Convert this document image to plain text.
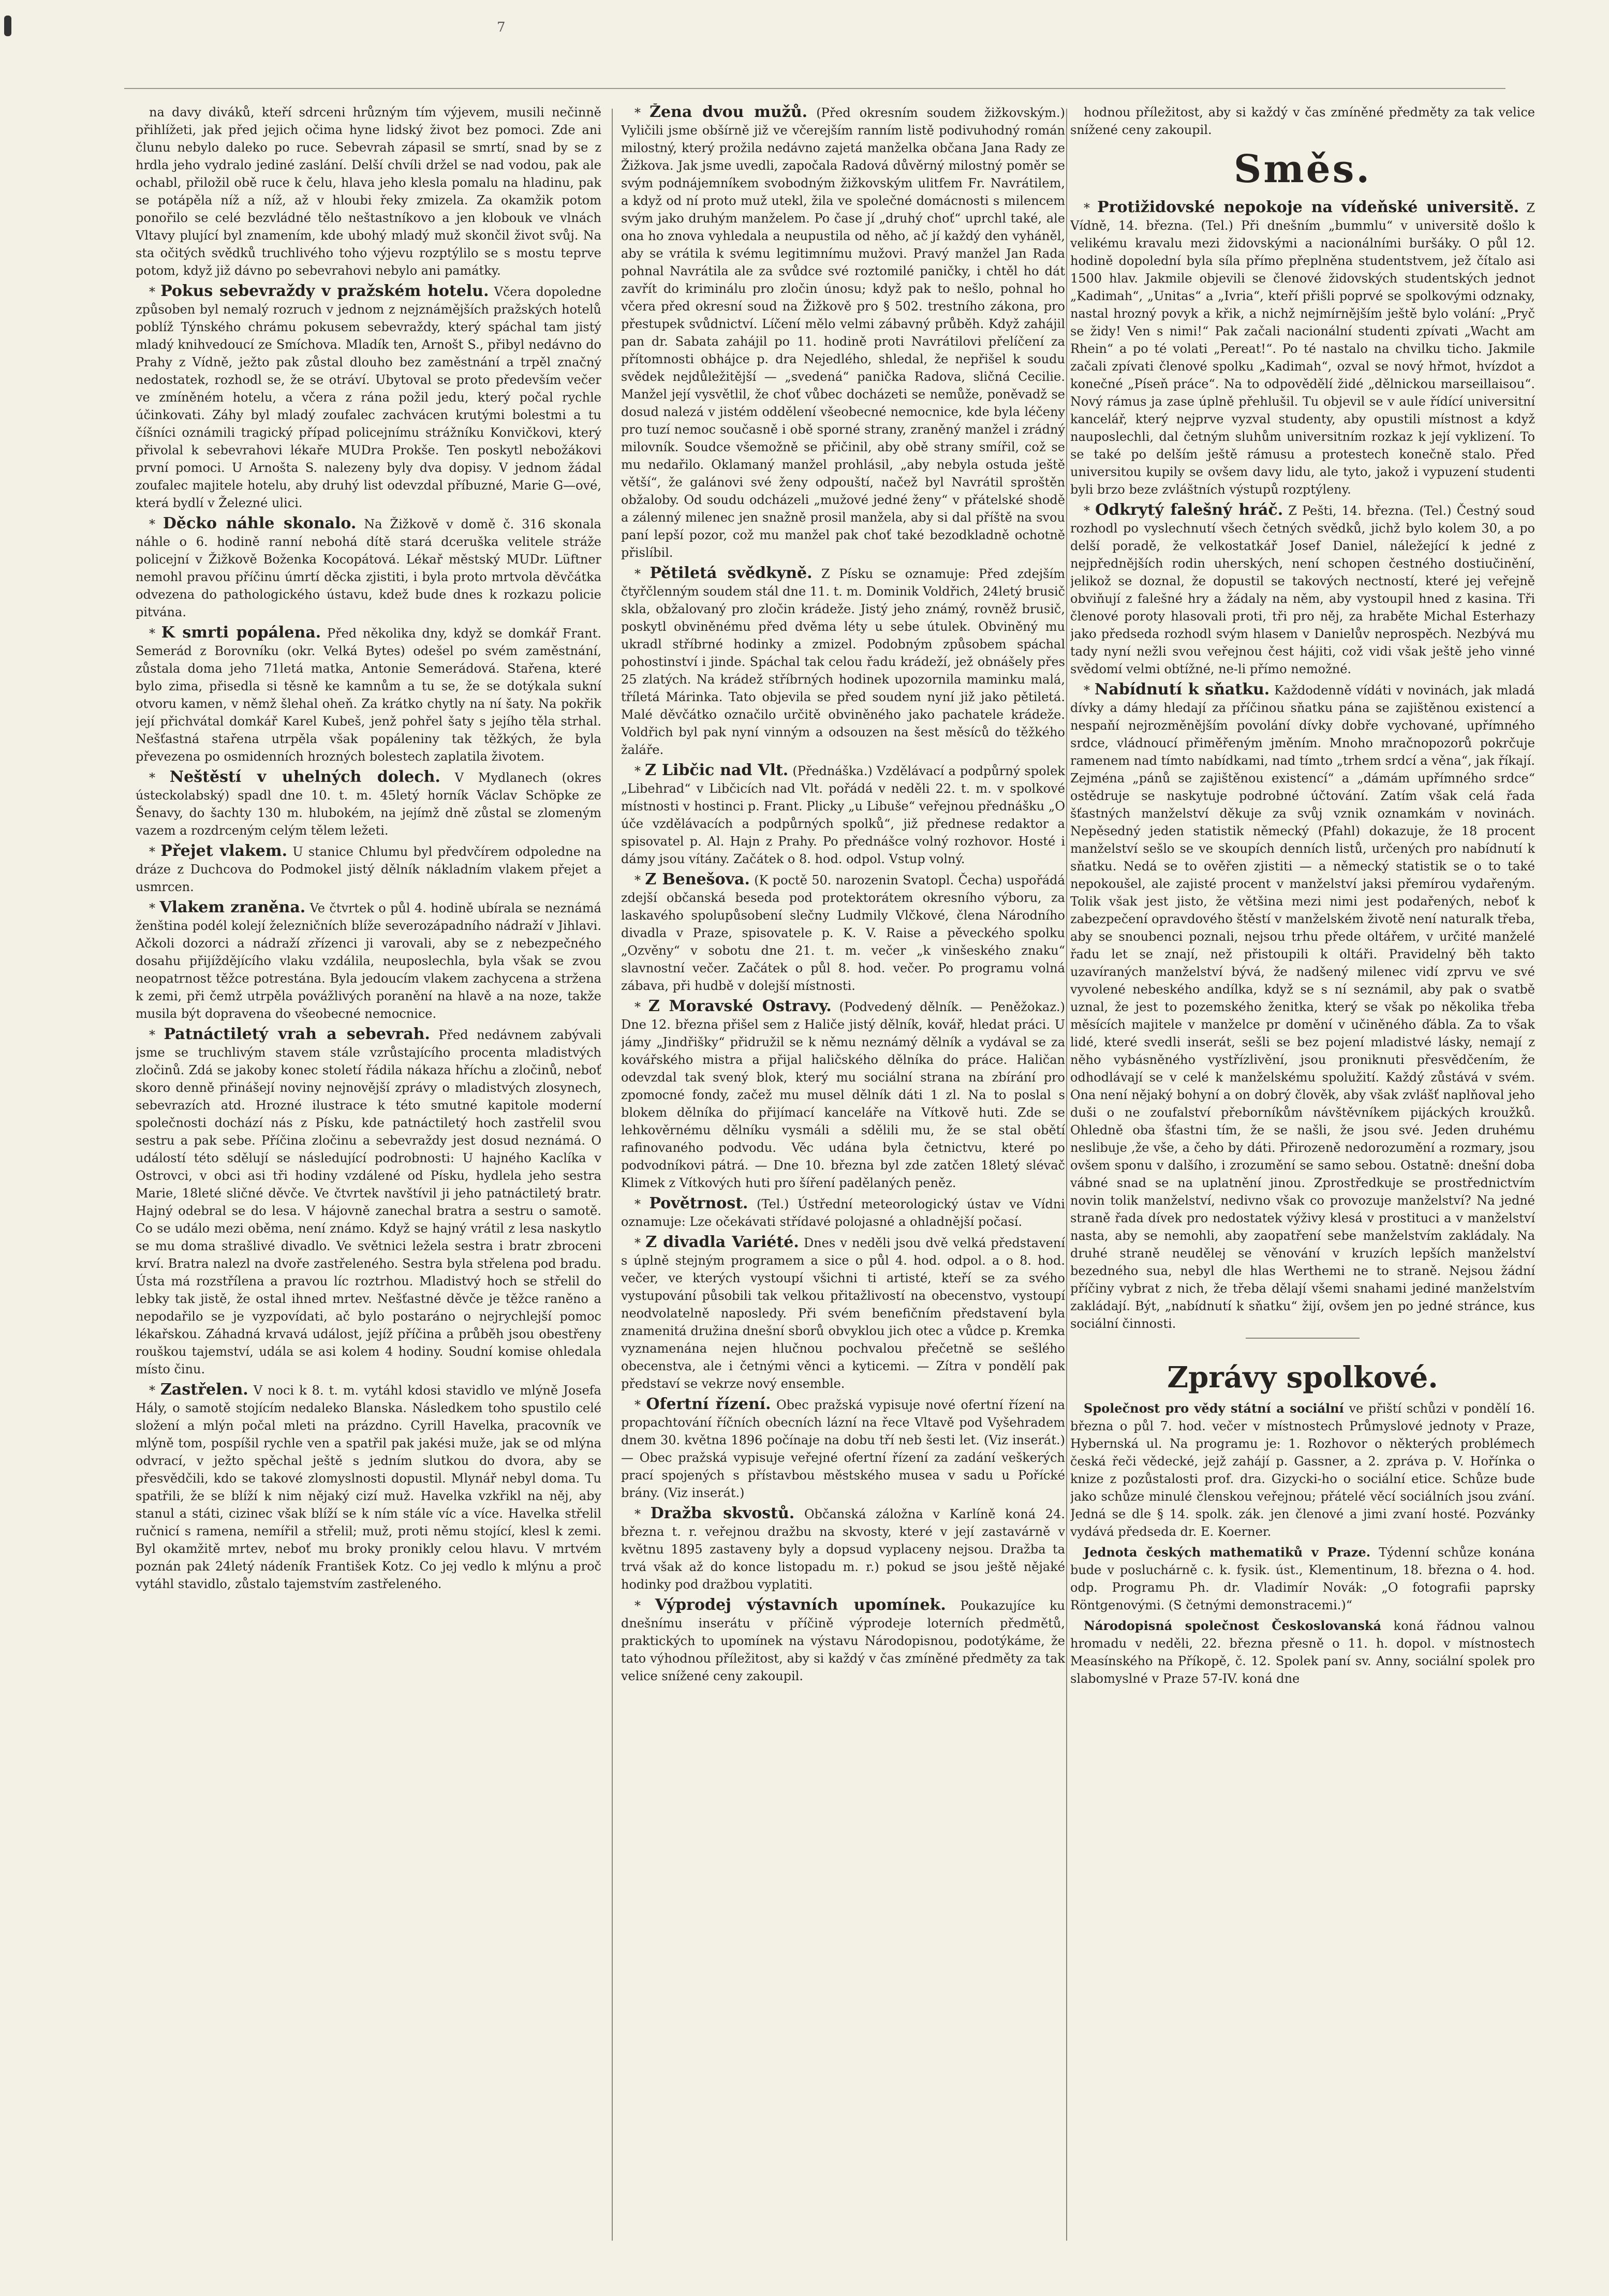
7

na davy diváků, kteří sdrceni hrůzným tím výjevem, musili nečinně přihlížeti, jak před jejich očima hyne lidský život bez pomoci. Zde ani člunu nebylo daleko po ruce. Sebevrah zápasil se smrtí, snad by se z hrdla jeho vydralo jediné zaslání. Delší chvíli držel se nad vodou, pak ale ochabl, přiložil obě ruce k čelu, hlava jeho klesla pomalu na hladinu, pak se potápěla níž a níž, až v hloubi řeky zmizela. Za okamžik potom ponořilo se celé bezvládné tělo neštastníkovo a jen klobouk ve vlnách Vltavy plující byl znamením, kde ubohý mladý muž skončil život svůj. Na sta očitých svědků truchlivého toho výjevu rozptýlilo se s mostu teprve potom, když již dávno po sebevrahovi nebylo ani památky.

* Pokus sebevraždy v pražském hotelu. Včera dopoledne způsoben byl nemalý rozruch v jednom z nejznámějších pražských hotelů poblíž Týnského chrámu pokusem sebevraždy, který spáchal tam jistý mladý knihvedoucí ze Smíchova. Mladík ten, Arnošt S., přibyl nedávno do Prahy z Vídně, ježto pak zůstal dlouho bez zaměstnání a trpěl značný nedostatek, rozhodl se, že se otráví. Ubytoval se proto především večer ve zmíněném hotelu, a včera z rána požil jedu, který počal rychle účinkovati. Záhy byl mladý zoufalec zachvácen krutými bolestmi a tu číšníci oznámili tragický případ policejnímu strážníku Konvičkovi, který přivolal k sebevrahovi lékaře MUDra Prokše. Ten poskytl nebožákovi první pomoci. U Arnošta S. nalezeny byly dva dopisy. V jednom žádal zoufalec majitele hotelu, aby druhý list odevzdal příbuzné, Marie G—ové, která bydlí v Železné ulici.

* Děcko náhle skonalo. Na Žižkově v domě č. 316 skonala náhle o 6. hodině ranní nebohá dítě stará dceruška velitele stráže policejní v Žižkově Boženka Kocopátová. Lékař městský MUDr. Lüftner nemohl pravou příčinu úmrtí děcka zjistiti, i byla proto mrtvola děvčátka odvezena do pathologického ústavu, kdež bude dnes k rozkazu policie pitvána.

* K smrti popálena. Před několika dny, když se domkář Frant. Semerád z Borovníku (okr. Velká Bytes) odešel po svém zaměstnání, zůstala doma jeho 71letá matka, Antonie Semerádová. Stařena, které bylo zima, přisedla si těsně ke kamnům a tu se, že se dotýkala sukní otvoru kamen, v němž šlehal oheň. Za krátko chytly na ní šaty. Na pokřik její přichvátal domkář Karel Kubeš, jenž pohřel šaty s jejího těla strhal. Nešťastná stařena utrpěla však popáleniny tak těžkých, že byla převezena po osmidenních hrozných bolestech zaplatila životem.

* Neštěstí v uhelných dolech. V Mydlanech (okres ústeckolabský) spadl dne 10. t. m. 45letý horník Václav Schöpke ze Šenavy, do šachty 130 m. hlubokém, na jejímž dně zůstal se zlomeným vazem a rozdrceným celým tělem ležeti.

* Přejet vlakem. U stanice Chlumu byl předvčírem odpoledne na dráze z Duchcova do Podmokel jistý dělník nákladním vlakem přejet a usmrcen.

* Vlakem zraněna. Ve čtvrtek o půl 4. hodině ubírala se neznámá ženština podél kolejí železničních blíže severozápadního nádraží v Jihlavi. Ačkoli dozorci a nádraží zřízenci ji varovali, aby se z nebezpečného dosahu přijíždějícího vlaku vzdálila, neuposlechla, byla však se zvou neopatrnost těžce potrestána. Byla jedoucím vlakem zachycena a stržena k zemi, při čemž utrpěla povážlivých poranění na hlavě a na noze, takže musila být dopravena do všeobecné nemocnice.

* Patnáctiletý vrah a sebevrah. Před nedávnem zabývali jsme se truchlivým stavem stále vzrůstajícího procenta mladistvých zločinů. Zdá se jakoby konec století řádila nákaza hříchu a zločinů, neboť skoro denně přinášejí noviny nejnovější zprávy o mladistvých zlosynech, sebevrazích atd. Hrozné ilustrace k této smutné kapitole moderní společnosti dochází nás z Písku, kde patnáctiletý hoch zastřelil svou sestru a pak sebe. Příčina zločinu a sebevraždy jest dosud neznámá. O událostí této sdělují se následující podrobnosti: U hajného Kaclíka v Ostrovci, v obci asi tři hodiny vzdálené od Písku, hydlela jeho sestra Marie, 18leté sličné děvče. Ve čtvrtek navštívil ji jeho patnáctiletý bratr. Hajný odebral se do lesa. V hájovně zanechal bratra a sestru o samotě. Co se událo mezi oběma, není známo. Když se hajný vrátil z lesa naskytlo se mu doma strašlivé divadlo. Ve světnici ležela sestra i bratr zbroceni krví. Bratra nalezl na dvoře zastřeleného. Sestra byla střelena pod bradu. Ústa má rozstřílena a pravou líc roztrhou. Mladistvý hoch se střelil do lebky tak jistě, že ostal ihned mrtev. Nešťastné děvče je těžce raněno a nepodařilo se je vyzpovídati, ač bylo postaráno o nejrychlejší pomoc lékařskou. Záhadná krvavá událost, jejíž příčina a průběh jsou obestřeny rouškou tajemství, udála se asi kolem 4 hodiny. Soudní komise ohledala místo činu.

* Zastřelen. V noci k 8. t. m. vytáhl kdosi stavidlo ve mlýně Josefa Hály, o samotě stojícím nedaleko Blanska. Následkem toho spustilo celé složení a mlýn počal mleti na prázdno. Cyrill Havelka, pracovník ve mlýně tom, pospíšil rychle ven a spatřil pak jakési muže, jak se od mlýna odvrací, v ježto spěchal ještě s jedním slutkou do dvora, aby se přesvědčili, kdo se takové zlomyslnosti dopustil. Mlynář nebyl doma. Tu spatřili, že se blíží k nim nějaký cizí muž. Havelka vzkřikl na něj, aby stanul a státi, cizinec však blíží se k ním stále víc a více. Havelka střelil ručnicí s ramena, nemířil a střelil; muž, proti němu stojící, klesl k zemi. Byl okamžitě mrtev, neboť mu broky pronikly celou hlavu. V mrtvém poznán pak 24letý nádeník František Kotz. Co jej vedlo k mlýnu a proč vytáhl stavidlo, zůstalo tajemstvím zastřeleného.

* Žena dvou mužů. (Před okresním soudem žižkovským.) Vyličili jsme obšírně již ve včerejším ranním listě podivuhodný román milostný, který prožila nedávno zajetá manželka občana Jana Rady ze Žižkova. Jak jsme uvedli, započala Radová důvěrný milostný poměr se svým podnájemníkem svobodným žižkovským ulitfem Fr. Navrátilem, a když od ní proto muž utekl, žila ve společné domácnosti s milencem svým jako druhým manželem. Po čase jí „druhý choť“ uprchl také, ale ona ho znova vyhledala a neupustila od něho, ač jí každý den vyháněl, aby se vrátila k svému legitimnímu mužovi. Pravý manžel Jan Rada pohnal Navrátila ale za svůdce své roztomilé paničky, i chtěl ho dát zavřít do kriminálu pro zločin únosu; když pak to nešlo, pohnal ho včera před okresní soud na Žižkově pro § 502. trestního zákona, pro přestupek svůdnictví. Líčení mělo velmi zábavný průběh. Když zahájil pan dr. Sabata zahájil po 11. hodině proti Navrátilovi přelíčení za přítomnosti obhájce p. dra Nejedlého, shledal, že nepřišel k soudu svědek nejdůležitější — „svedená“ panička Radova, sličná Cecilie. Manžel její vysvětlil, že choť vůbec docházeti se nemůže, poněvadž se dosud nalezá v jistém oddělení všeobecné nemocnice, kde byla léčeny pro tuzí nemoc současně i obě sporné strany, zraněný manžel i zrádný milovník. Soudce všemožně se přičinil, aby obě strany smířil, což se mu nedařilo. Oklamaný manžel prohlásil, „aby nebyla ostuda ještě větší“, že galánovi své ženy odpouští, načež byl Navrátil sproštěn obžaloby. Od soudu odcházeli „mužové jedné ženy“ v přátelské shodě a zálenný milenec jen snažně prosil manžela, aby si dal příště na svou paní lepší pozor, což mu manžel pak choť také bezodkladně ochotně přislíbil.

* Pětiletá svědkyně. Z Písku se oznamuje: Před zdejším čtyřčlenným soudem stál dne 11. t. m. Dominik Voldřich, 24letý brusič skla, obžalovaný pro zločin krádeže. Jistý jeho známý, rovněž brusič, poskytl obviněnému před dvěma léty u sebe útulek. Obviněný mu ukradl stříbrné hodinky a zmizel. Podobným způsobem spáchal pohostinství i jinde. Spáchal tak celou řadu krádeží, jež obnášely přes 25 zlatých. Na krádež stříbrných hodinek upozornila maminku malá, tříletá Márinka. Tato objevila se před soudem nyní již jako pětiletá. Malé děvčátko označilo určitě obviněného jako pachatele krádeže. Voldřich byl pak nyní vinným a odsouzen na šest měsíců do těžkého žaláře.

* Z Libčic nad Vlt. (Přednáška.) Vzdělávací a podpůrný spolek „Libehrad“ v Libčicích nad Vlt. pořádá v neděli 22. t. m. v spolkové místnosti v hostinci p. Frant. Plicky „u Libuše“ veřejnou přednášku „O úče vzdělávacích a podpůrných spolků“, již přednese redaktor a spisovatel p. Al. Hajn z Prahy. Po přednášce volný rozhovor. Hosté i dámy jsou vítány. Začátek o 8. hod. odpol. Vstup volný.

* Z Benešova. (K poctě 50. narozenin Svatopl. Čecha) uspořádá zdejší občanská beseda pod protektorátem okresního výboru, za laskavého spolupůsobení slečny Ludmily Vlčkové, člena Národního divadla v Praze, spisovatele p. K. V. Raise a pěveckého spolku „Ozvěny“ v sobotu dne 21. t. m. večer „k vinšeského znaku“ slavnostní večer. Začátek o půl 8. hod. večer. Po programu volná zábava, při hudbě v dolejší místnosti.

* Z Moravské Ostravy. (Podvedený dělník. — Peněžokaz.) Dne 12. března přišel sem z Haliče jistý dělník, kovář, hledat práci. U jámy „Jindřišky“ přidružil se k němu neznámý dělník a vydával se za kovářského mistra a přijal haličského dělníka do práce. Haličan odevzdal tak svený blok, který mu sociální strana na zbírání pro zpomocné fondy, začež mu musel dělník dáti 1 zl. Na to poslal s blokem dělníka do přijímací kanceláře na Vítkově huti. Zde se lehkověrnému dělníku vysmáli a sdělili mu, že se stal obětí rafinovaného podvodu. Věc udána byla četnictvu, které po podvodníkovi pátrá. — Dne 10. března byl zde zatčen 18letý slévač Klimek z Vítkových huti pro šíření padělaných peněz.

* Povětrnost. (Tel.) Ústřední meteorologický ústav ve Vídni oznamuje: Lze očekávati střídavé polojasné a ohladnější počasí.

* Z divadla Variété. Dnes v neděli jsou dvě velká představení s úplně stejným programem a sice o půl 4. hod. odpol. a o 8. hod. večer, ve kterých vystoupí všichni ti artisté, kteří se za svého vystupování působili tak velkou přitažlivostí na obecenstvo, vystoupí neodvolatelně naposledy. Při svém benefičním představení byla znamenitá družina dnešní sborů obvyklou jich otec a vůdce p. Kremka vyznamenána nejen hlučnou pochvalou přečetně se sešlého obecenstva, ale i četnými věnci a kyticemi. — Zítra v pondělí pak představí se vekrze nový ensemble.

* Ofertní řízení. Obec pražská vypisuje nové ofertní řízení na propachtování říčních obecních lázní na řece Vltavě pod Vyšehradem dnem 30. května 1896 počínaje na dobu tří neb šesti let. (Viz inserát.) — Obec pražská vypisuje veřejné ofertní řízení za zadání veškerých prací spojených s přístavbou městského musea v sadu u Pořícké brány. (Viz inserát.)

* Dražba skvostů. Občanská záložna v Karlíně koná 24. března t. r. veřejnou dražbu na skvosty, které v její zastavárně v květnu 1895 zastaveny byly a dopsud vyplaceny nejsou. Dražba ta trvá však až do konce listopadu m. r.) pokud se jsou ještě nějaké hodinky pod dražbou vyplatiti.

* Výprodej výstavních upomínek. Poukazujíce ku dnešnímu inserátu v příčině výprodeje loterních předmětů, praktických to upomínek na výstavu Národopisnou, podotýkáme, že tato výhodnou příležitost, aby si každý v čas zmíněné předměty za tak velice snížené ceny zakoupil.

hodnou příležitost, aby si každý v čas zmíněné předměty za tak velice snížené ceny zakoupil.

Směs.

* Protižidovské nepokoje na vídeňské universitě. Z Vídně, 14. března. (Tel.) Při dnešním „bummlu“ v universitě došlo k velikému kravalu mezi židovskými a nacionálními buršáky. O půl 12. hodině dopolední byla síla přímo přeplněna studentstvem, jež čítalo asi 1500 hlav. Jakmile objevili se členové židovských studentských jednot „Kadimah“, „Unitas“ a „Ivria“, kteří přišli poprvé se spolkovými odznaky, nastal hrozný povyk a křik, a nichž nejmírnějším ještě bylo volání: „Pryč se židy! Ven s nimi!“ Pak začali nacionální studenti zpívati „Wacht am Rhein“ a po té volati „Pereat!“. Po té nastalo na chvilku ticho. Jakmile začali zpívati členové spolku „Kadimah“, ozval se nový hřmot, hvízdot a konečné „Píseň práce“. Na to odpovědělí židé „dělnickou marseillaisou“. Nový rámus ja zase úplně přehlušil. Tu objevil se v aule řídící universitní kancelář, který nejprve vyzval studenty, aby opustili místnost a když nauposlechli, dal četným sluhům universitním rozkaz k její vyklizení. To se také po delším ještě rámusu a protestech konečně stalo. Před universitou kupily se ovšem davy lidu, ale tyto, jakož i vypuzení studenti byli brzo beze zvláštních výstupů rozptýleny.

* Odkrytý falešný hráč. Z Pešti, 14. března. (Tel.) Čestný soud rozhodl po vyslechnutí všech četných svědků, jichž bylo kolem 30, a po delší poradě, že velkostatkář Josef Daniel, náležející k jedné z nejpřednějších rodin uherských, není schopen čestného dostiučinění, jelikož se doznal, že dopustil se takových nectností, které jej veřejně obviňují z falešné hry a žádaly na něm, aby vystoupil hned z kasina. Tři členové poroty hlasovali proti, tři pro něj, za hraběte Michal Esterhazy jako předseda rozhodl svým hlasem v Danielův neprospěch. Nezbývá mu tady nyní nežli svou veřejnou čest hájiti, což vidi však ještě jeho vinné svědomí velmi obtížné, ne-li přímo nemožné.

* Nabídnutí k sňatku. Každodenně vídáti v novinách, jak mladá dívky a dámy hledají za příčinou sňatku pána se zajištěnou existencí a nespaňí nejrozměnějším povolání dívky dobře vychované, upřímného srdce, vládnoucí přiměřeným jměním. Mnoho mračnopozorů pokrčuje ramenem nad tímto nabídkami, nad tímto „trhem srdcí a věna“, jak říkají. Zejména „pánů se zajištěnou existencí“ a „dámám upřímného srdce“ ostědruje se naskytuje podrobné účtování. Zatím však celá řada šťastných manželství děkuje za svůj vznik oznamkám v novinách. Nepěsedný jeden statistik německý (Pfahl) dokazuje, že 18 procent manželství sešlo se ve skoupích denních listů, určených pro nabídnutí k sňatku. Nedá se to ověřen zjistiti — a německý statistik se o to také nepokoušel, ale zajisté procent v manželství jaksi přemírou vydařeným. Tolik však jest jisto, že většina mezi nimi jest podařených, neboť k zabezpečení opravdového štěstí v manželském životě není naturalk třeba, aby se snoubenci poznali, nejsou trhu přede oltářem, v určité manželé řadu let se znají, než přistoupili k oltáři. Pravidelný běh takto uzavíraných manželství bývá, že nadšený milenec vidí zprvu ve své vyvolené nebeského andílka, když se s ní seznámil, aby pak o svatbě uznal, že jest to pozemského ženitka, který se však po několika třeba měsících majitele v manželce pr domění v učiněného ďábla. Za to však lidé, které svedli inserát, sešli se bez pojení mladistvé lásky, nemají z něho vybásněného vystřízlivění, jsou proniknuti přesvědčením, že odhodlávají se v celé k manželskému spolužití. Každý zůstává v svém. Ona není nějaký bohyní a on dobrý člověk, aby však zvlášť naplňoval jeho duši o ne zoufalství přeborníkům návštěvníkem pijáckých kroužků. Ohledně oba šťastni tím, že se našli, že jsou své. Jeden druhému neslibuje ,že vše, a čeho by dáti. Přirozeně nedorozumění a rozmary, jsou ovšem sponu v dalšího, i zrozumění se samo sebou. Ostatně: dnešní doba vábné snad se na uplatnění jinou. Zprostředkuje se prostřednictvím novin tolik manželství, nedivno však co provozuje manželství? Na jedné straně řada dívek pro nedostatek výživy klesá v prostituci a v manželství nasta, aby se nemohli, aby zaopatření sebe manželstvím zakládaly. Na druhé straně neudělej se věnování v kruzích lepších manželství bezedného sua, nebyl dle hlas Werthemi ne to straně. Nejsou žádní příčiny vybrat z nich, že třeba dělají všemi snahami jediné manželstvím zakládají. Být, „nabídnutí k sňatku“ žijí, ovšem jen po jedné stránce, kus sociální činnosti.

Zprávy spolkové.

Společnost pro vědy státní a sociální ve přiští schůzi v pondělí 16. března o půl 7. hod. večer v místnostech Průmyslové jednoty v Praze, Hybernská ul. Na programu je: 1. Rozhovor o některých problémech česká řeči vědecké, jejž zahájí p. Gassner, a 2. zpráva p. V. Hořínka o knize z pozůstalosti prof. dra. Gizycki-ho o sociální etice. Schůze bude jako schůze minulé členskou veřejnou; přátelé věcí sociálních jsou zvání. Jedná se dle § 14. spolk. zák. jen členové a jimi zvaní hosté. Pozvánky vydává předseda dr. E. Koerner.

Jednota českých mathematiků v Praze. Týdenní schůze konána bude v posluchárně c. k. fysik. úst., Klementinum, 18. března o 4. hod. odp. Programu Ph. dr. Vladimír Novák: „O fotografii paprsky Röntgenovými. (S četnými demonstracemi.)“

Národopisná společnost Českoslovanská koná řádnou valnou hromadu v neděli, 22. března přesně o 11. h. dopol. v místnostech Measínského na Příkopě, č. 12. Spolek paní sv. Anny, sociální spolek pro slabomyslné v Praze 57-IV. koná dne
